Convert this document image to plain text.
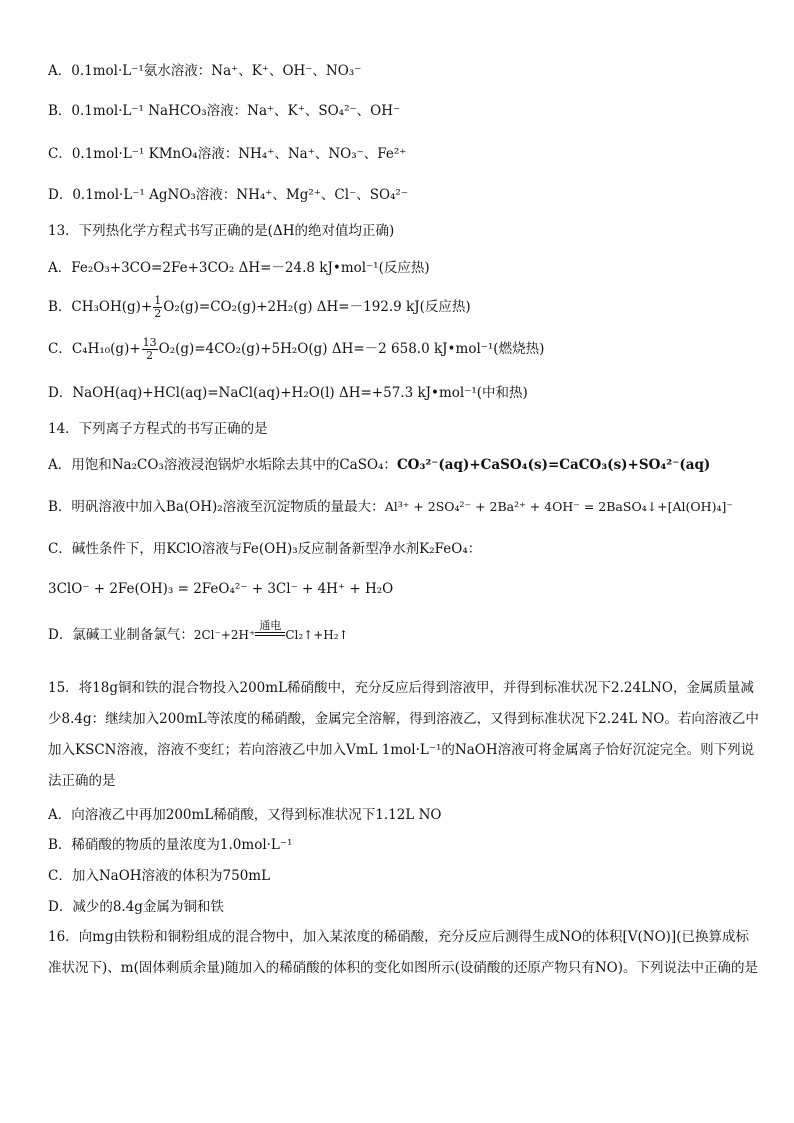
A．0.1mol·L⁻¹氨水溶液：Na⁺、K⁺、OH⁻、NO₃⁻
B．0.1mol·L⁻¹ NaHCO₃溶液：Na⁺、K⁺、SO₄²⁻、OH⁻
C．0.1mol·L⁻¹ KMnO₄溶液：NH₄⁺、Na⁺、NO₃⁻、Fe²⁺
D．0.1mol·L⁻¹ AgNO₃溶液：NH₄⁺、Mg²⁺、Cl⁻、SO₄²⁻
13．下列热化学方程式书写正确的是(ΔH的绝对值均正确)
A．Fe₂O₃+3CO=2Fe+3CO₂ ΔH=－24.8 kJ•mol⁻¹(反应热)
B．$CH_3OH(g)+ \frac{1}{2} O_2(g)=CO_2(g)+2H_2(g)$ ΔH=－192.9 kJ(反应热)
C．$C_4H_{10}(g)+ \frac{13}{2} O_2(g)=4CO_2(g)+5H_2O(g)$ ΔH=－2 658.0 kJ•mol⁻¹(燃烧热)
D．NaOH(aq)+HCl(aq)=NaCl(aq)+H₂O(l) ΔH=+57.3 kJ•mol⁻¹(中和热)
14．下列离子方程式的书写正确的是
A．用饱和Na₂CO₃溶液浸泡锅炉水垢除去其中的CaSO₄：CO₃²⁻(aq)+CaSO₄(s)=CaCO₃(s)+SO₄²⁻(aq)
B．明矾溶液中加入Ba(OH)₂溶液至沉淀物质的量最大：Al³⁺ + 2SO₄²⁻ + 2Ba²⁺ + 4OH⁻ = 2BaSO₄↓+[Al(OH)₄]⁻
C．碱性条件下，用KClO溶液与Fe(OH)₃反应制备新型净水剂K₂FeO₄：
3ClO⁻ + 2Fe(OH)₃ = 2FeO₄²⁻ + 3Cl⁻ + 4H⁺ + H₂O
D．氯碱工业制备氯气：2Cl⁻+2H⁺
通电
Cl₂↑+H₂↑
15．将18g铜和铁的混合物投入200mL稀硝酸中，充分反应后得到溶液甲，并得到标准状况下2.24LNO，金属质量减少8.4g：继续加入200mL等浓度的稀硝酸，金属完全溶解，得到溶液乙，又得到标准状况下2.24L NO。若向溶液乙中加入KSCN溶液，溶液不变红；若向溶液乙中加入VmL 1mol·L⁻¹的NaOH溶液可将金属离子恰好沉淀完全。则下列说法正确的是
A．向溶液乙中再加200mL稀硝酸，又得到标准状况下1.12L NO
B．稀硝酸的物质的量浓度为1.0mol·L⁻¹
C．加入NaOH溶液的体积为750mL
D．减少的8.4g金属为铜和铁
16．向mg由铁粉和铜粉组成的混合物中，加入某浓度的稀硝酸，充分反应后测得生成NO的体积[V(NO)](已换算成标准状况下)、m(固体剩质余量)随加入的稀硝酸的体积的变化如图所示(设硝酸的还原产物只有NO)。下列说法中正确的是
